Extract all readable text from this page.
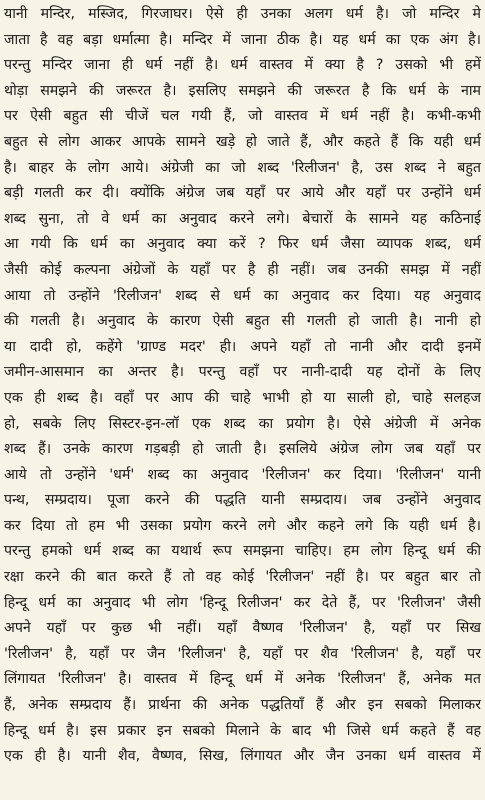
यानी मन्दिर, मस्जिद, गिरजाघर। ऐसे ही उनका अलग धर्म है। जो मन्दिर मे
जाता है वह बड़ा धर्मात्मा है। मन्दिर में जाना ठीक है। यह धर्म का एक अंग है।
परन्तु मन्दिर जाना ही धर्म नहीं है। धर्म वास्तव में क्या है ? उसको भी हमें
थोड़ा समझने की जरूरत है। इसलिए समझने की जरूरत है कि धर्म के नाम
पर ऐसी बहुत सी चीजें चल गयी हैं, जो वास्तव में धर्म नहीं है। कभी-कभी
बहुत से लोग आकर आपके सामने खड़े हो जाते हैं, और कहते हैं कि यही धर्म
है। बाहर के लोग आये। अंग्रेजी का जो शब्द 'रिलीजन' है, उस शब्द ने बहुत
बड़ी गलती कर दी। क्योंकि अंग्रेज जब यहाँ पर आये और यहाँ पर उन्होंने धर्म
शब्द सुना, तो वे धर्म का अनुवाद करने लगे। बेचारों के सामने यह कठिनाई
आ गयी कि धर्म का अनुवाद क्या करें ? फिर धर्म जैसा व्यापक शब्द, धर्म
जैसी कोई कल्पना अंग्रेजों के यहाँ पर है ही नहीं। जब उनकी समझ में नहीं
आया तो उन्होंने 'रिलीजन' शब्द से धर्म का अनुवाद कर दिया। यह अनुवाद
की गलती है। अनुवाद के कारण ऐसी बहुत सी गलती हो जाती है। नानी हो
या दादी हो, कहेंगे 'ग्राण्ड मदर' ही। अपने यहाँ तो नानी और दादी इनमें
जमीन-आसमान का अन्तर है। परन्तु वहाँ पर नानी-दादी यह दोनों के लिए
एक ही शब्द है। वहाँ पर आप की चाहे भाभी हो या साली हो, चाहे सलहज
हो, सबके लिए सिस्टर-इन-लॉ एक शब्द का प्रयोग है। ऐसे अंग्रेजी में अनेक
शब्द हैं। उनके कारण गड़बड़ी हो जाती है। इसलिये अंग्रेज लोग जब यहाँ पर
आये तो उन्होंने 'धर्म' शब्द का अनुवाद 'रिलीजन' कर दिया। 'रिलीजन' यानी
पन्थ, सम्प्रदाय। पूजा करने की पद्धति यानी सम्प्रदाय। जब उन्होंने अनुवाद
कर दिया तो हम भी उसका प्रयोग करने लगे और कहने लगे कि यही धर्म है।
परन्तु हमको धर्म शब्द का यथार्थ रूप समझना चाहिए। हम लोग हिन्दू धर्म की
रक्षा करने की बात करते हैं तो वह कोई 'रिलीजन' नहीं है। पर बहुत बार तो
हिन्दू धर्म का अनुवाद भी लोग 'हिन्दू रिलीजन' कर देते हैं, पर 'रिलीजन' जैसी
अपने यहाँ पर कुछ भी नहीं। यहाँ वैष्णव 'रिलीजन' है, यहाँ पर सिख
'रिलीजन' है, यहाँ पर जैन 'रिलीजन' है, यहाँ पर शैव 'रिलीजन' है, यहाँ पर
लिंगायत 'रिलीजन' है। वास्तव में हिन्दू धर्म में अनेक 'रिलीजन' हैं, अनेक मत
हैं, अनेक सम्प्रदाय हैं। प्रार्थना की अनेक पद्धतियाँ हैं और इन सबको मिलाकर
हिन्दू धर्म है। इस प्रकार इन सबको मिलाने के बाद भी जिसे धर्म कहते हैं वह
एक ही है। यानी शैव, वैष्णव, सिख, लिंगायत और जैन उनका धर्म वास्तव में
